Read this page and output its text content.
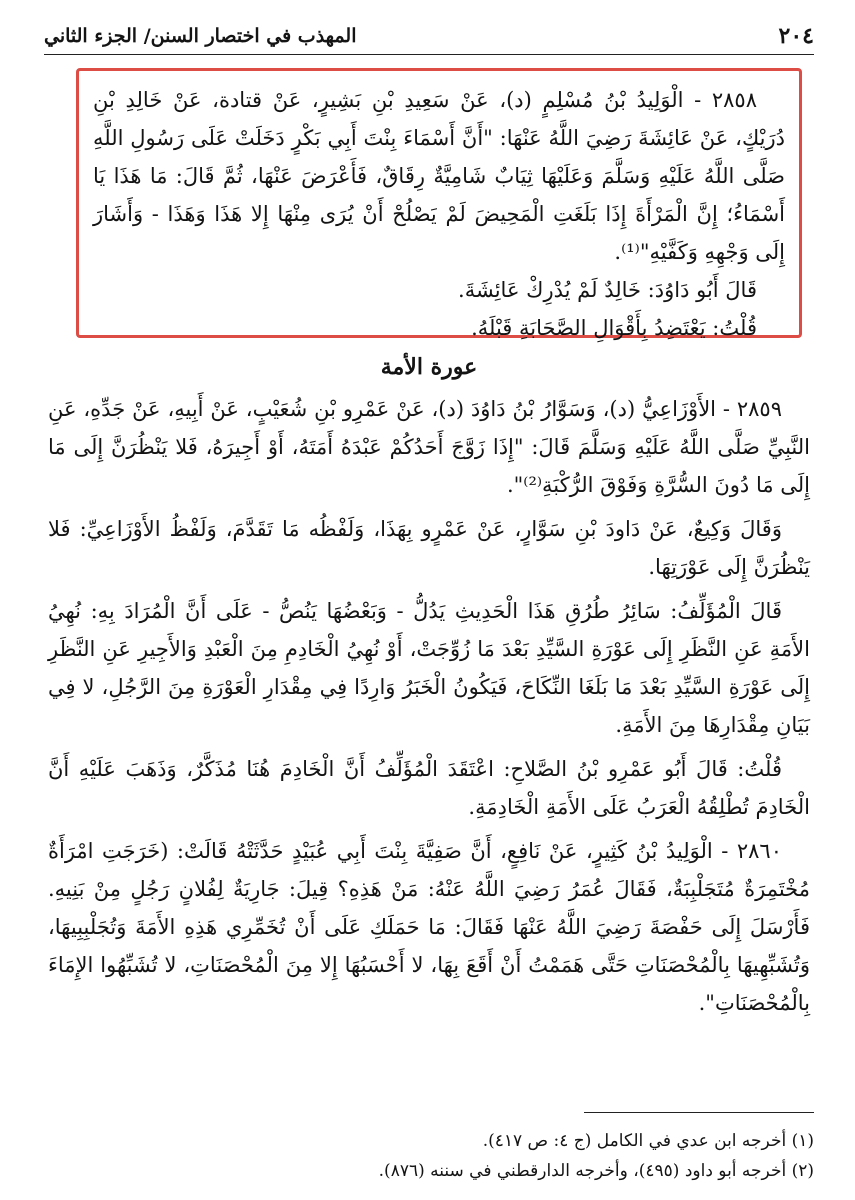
٢٠٤
المهذب في اختصار السنن/ الجزء الثاني

٢٨٥٨ - الْوَلِيدُ بْنُ مُسْلِمٍ (د)، عَنْ سَعِيدِ بْنِ بَشِيرٍ، عَنْ قتادة، عَنْ خَالِدِ بْنِ دُرَيْكٍ، عَنْ عَائِشَةَ رَضِيَ اللَّهُ عَنْهَا: "أَنَّ أَسْمَاءَ بِنْتَ أَبِي بَكْرٍ دَخَلَتْ عَلَى رَسُولِ اللَّهِ صَلَّى اللَّهُ عَلَيْهِ وَسَلَّمَ وَعَلَيْهَا ثِيَابٌ شَامِيَّةٌ رِقَاقٌ، فَأَعْرَضَ عَنْهَا، ثُمَّ قَالَ: مَا هَذَا يَا أَسْمَاءُ؛ إِنَّ الْمَرْأَةَ إِذَا بَلَغَتِ الْمَحِيضَ لَمْ يَصْلُحْ أَنْ يُرَى مِنْهَا إِلا هَذَا وَهَذَا - وَأَشَارَ إِلَى وَجْهِهِ وَكَفَّيْهِ"⁽¹⁾.

قَالَ أَبُو دَاوُدَ: خَالِدٌ لَمْ يُدْرِكْ عَائِشَةَ.

قُلْتُ: يَعْتَضِدُ بِأَقْوَالِ الصَّحَابَةِ قَبْلَهُ.

عورة الأمة

٢٨٥٩ - الأَوْزَاعِيُّ (د)، وَسَوَّارُ بْنُ دَاوُدَ (د)، عَنْ عَمْرِو بْنِ شُعَيْبٍ، عَنْ أَبِيهِ، عَنْ جَدِّهِ، عَنِ النَّبِيِّ صَلَّى اللَّهُ عَلَيْهِ وَسَلَّمَ قَالَ: "إِذَا زَوَّجَ أَحَدُكُمْ عَبْدَهُ أَمَتَهُ، أَوْ أَجِيرَهُ، فَلا يَنْظُرَنَّ إِلَى مَا إِلَى مَا دُونَ السُّرَّةِ وَفَوْقَ الرُّكْبَةِ⁽²⁾".

وَقَالَ وَكِيعٌ، عَنْ دَاودَ بْنِ سَوَّارٍ، عَنْ عَمْرٍو بِهَذَا، وَلَفْظُه مَا تَقَدَّمَ، وَلَفْظُ الأَوْزَاعِيِّ: فَلا يَنْظُرَنَّ إِلَى عَوْرَتِهَا.

قَالَ الْمُؤَلِّفُ: سَائِرُ طُرُقِ هَذَا الْحَدِيثِ يَدُلُّ - وَبَعْضُهَا يَنُصُّ - عَلَى أَنَّ الْمُرَادَ بِهِ: نُهِيُ الأَمَةِ عَنِ النَّظَرِ إِلَى عَوْرَةِ السَّيِّدِ بَعْدَ مَا زُوِّجَتْ، أَوْ نُهِيُ الْخَادِمِ مِنَ الْعَبْدِ وَالأَجِيرِ عَنِ النَّظَرِ إِلَى عَوْرَةِ السَّيِّدِ بَعْدَ مَا بَلَغَا النِّكَاحَ، فَيَكُونُ الْخَبَرُ وَارِدًا فِي مِقْدَارِ الْعَوْرَةِ مِنَ الرَّجُلِ، لا فِي بَيَانِ مِقْدَارِهَا مِنَ الأَمَةِ.

قُلْتُ: قَالَ أَبُو عَمْرِو بْنُ الصَّلاحِ: اعْتَقَدَ الْمُؤَلِّفُ أَنَّ الْخَادِمَ هُنَا مُذَكَّرٌ، وَذَهَبَ عَلَيْهِ أَنَّ الْخَادِمَ تُطْلِقُهُ الْعَرَبُ عَلَى الأَمَةِ الْخَادِمَةِ.

٢٨٦٠ - الْوَلِيدُ بْنُ كَثِيرٍ، عَنْ نَافِعٍ، أَنَّ صَفِيَّةَ بِنْتَ أَبِي عُبَيْدٍ حَدَّثَتْهُ قَالَتْ: (خَرَجَتِ امْرَأَةٌ مُخْتَمِرَةٌ مُتَجَلْبِبَةٌ، فَقَالَ عُمَرُ رَضِيَ اللَّهُ عَنْهُ: مَنْ هَذِهِ؟ قِيلَ: جَارِيَةٌ لِفُلانٍ رَجُلٍ مِنْ بَنِيهِ. فَأَرْسَلَ إِلَى حَفْصَةَ رَضِيَ اللَّهُ عَنْهَا فَقَالَ: مَا حَمَلَكِ عَلَى أَنْ تُخَمِّرِي هَذِهِ الأَمَةَ وَتُجَلْبِبِيهَا، وَتُشَبِّهِيهَا بِالْمُحْصَنَاتِ حَتَّى هَمَمْتُ أَنْ أَقَعَ بِهَا، لا أَحْسَبُهَا إِلا مِنَ الْمُحْصَنَاتِ، لا تُشَبِّهُوا الإِمَاءَ بِالْمُحْصَنَاتِ".

(١) أخرجه ابن عدي في الكامل (ج ٤: ص ٤١٧).
(٢) أخرجه أبو داود (٤٩٥)، وأخرجه الدارقطني في سننه (٨٧٦).
